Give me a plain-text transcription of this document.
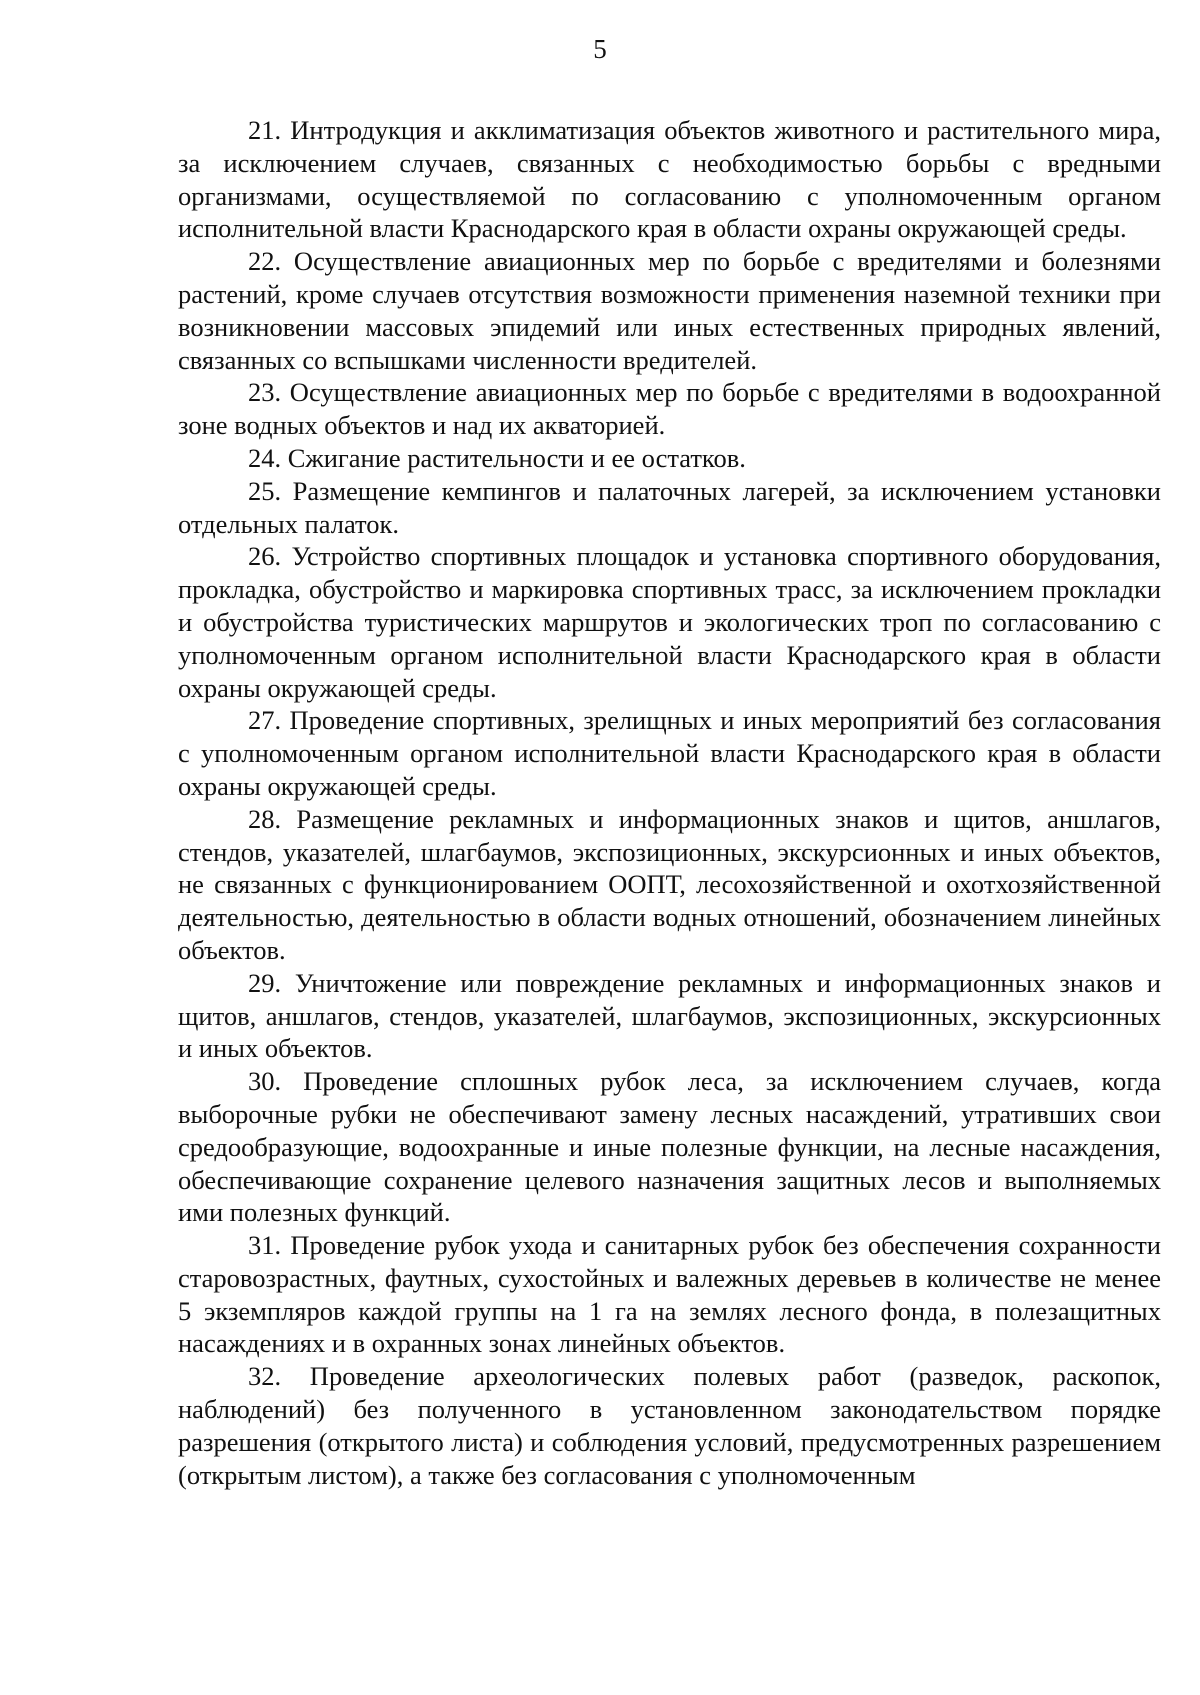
5

21. Интродукция и акклиматизация объектов животного и растительного мира, за исключением случаев, связанных с необходимостью борьбы с вредными организмами, осуществляемой по согласованию с уполномоченным органом исполнительной власти Краснодарского края в области охраны окружающей среды.

22. Осуществление авиационных мер по борьбе с вредителями и болезнями растений, кроме случаев отсутствия возможности применения наземной техники при возникновении массовых эпидемий или иных естественных природных явлений, связанных со вспышками численности вредителей.

23. Осуществление авиационных мер по борьбе с вредителями в водоохранной зоне водных объектов и над их акваторией.

24. Сжигание растительности и ее остатков.

25. Размещение кемпингов и палаточных лагерей, за исключением установки отдельных палаток.

26. Устройство спортивных площадок и установка спортивного оборудования, прокладка, обустройство и маркировка спортивных трасс, за исключением прокладки и обустройства туристических маршрутов и экологических троп по согласованию с уполномоченным органом исполнительной власти Краснодарского края в области охраны окружающей среды.

27. Проведение спортивных, зрелищных и иных мероприятий без согласования с уполномоченным органом исполнительной власти Краснодарского края в области охраны окружающей среды.

28. Размещение рекламных и информационных знаков и щитов, аншлагов, стендов, указателей, шлагбаумов, экспозиционных, экскурсионных и иных объектов, не связанных с функционированием ООПТ, лесохозяйственной и охотхозяйственной деятельностью, деятельностью в области водных отношений, обозначением линейных объектов.

29. Уничтожение или повреждение рекламных и информационных знаков и щитов, аншлагов, стендов, указателей, шлагбаумов, экспозиционных, экскурсионных и иных объектов.

30. Проведение сплошных рубок леса, за исключением случаев, когда выборочные рубки не обеспечивают замену лесных насаждений, утративших свои средообразующие, водоохранные и иные полезные функции, на лесные насаждения, обеспечивающие сохранение целевого назначения защитных лесов и выполняемых ими полезных функций.

31. Проведение рубок ухода и санитарных рубок без обеспечения сохранности старовозрастных, фаутных, сухостойных и валежных деревьев в количестве не менее 5 экземпляров каждой группы на 1 га на землях лесного фонда, в полезащитных насаждениях и в охранных зонах линейных объектов.

32. Проведение археологических полевых работ (разведок, раскопок, наблюдений) без полученного в установленном законодательством порядке разрешения (открытого листа) и соблюдения условий, предусмотренных разрешением (открытым листом), а также без согласования с уполномоченным
